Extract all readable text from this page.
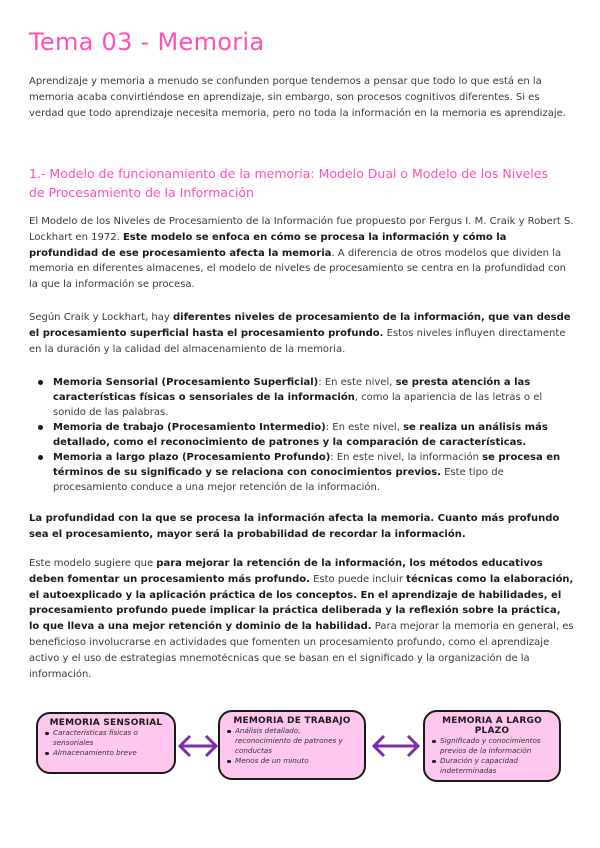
Tema 03 - Memoria

Aprendizaje y memoria a menudo se confunden porque tendemos a pensar que todo lo que está en la memoria acaba convirtiéndose en aprendizaje, sin embargo, son procesos cognitivos diferentes. Si es verdad que todo aprendizaje necesita memoria, pero no toda la información en la memoria es aprendizaje.

1.- Modelo de funcionamiento de la memoria: Modelo Dual o Modelo de los Niveles de Procesamiento de la Información

El Modelo de los Niveles de Procesamiento de la Información fue propuesto por Fergus I. M. Craik y Robert S. Lockhart en 1972. Este modelo se enfoca en cómo se procesa la información y cómo la profundidad de ese procesamiento afecta la memoria. A diferencia de otros modelos que dividen la memoria en diferentes almacenes, el modelo de niveles de procesamiento se centra en la profundidad con la que la información se procesa.

Según Craik y Lockhart, hay diferentes niveles de procesamiento de la información, que van desde el procesamiento superficial hasta el procesamiento profundo. Estos niveles influyen directamente en la duración y la calidad del almacenamiento de la memoria.

Memoria Sensorial (Procesamiento Superficial): En este nivel, se presta atención a las características físicas o sensoriales de la información, como la apariencia de las letras o el sonido de las palabras.
Memoria de trabajo (Procesamiento Intermedio): En este nivel, se realiza un análisis más detallado, como el reconocimiento de patrones y la comparación de características.
Memoria a largo plazo (Procesamiento Profundo): En este nivel, la información se procesa en términos de su significado y se relaciona con conocimientos previos. Este tipo de procesamiento conduce a una mejor retención de la información.

La profundidad con la que se procesa la información afecta la memoria. Cuanto más profundo sea el procesamiento, mayor será la probabilidad de recordar la información.

Este modelo sugiere que para mejorar la retención de la información, los métodos educativos deben fomentar un procesamiento más profundo. Esto puede incluir técnicas como la elaboración, el autoexplicado y la aplicación práctica de los conceptos. En el aprendizaje de habilidades, el procesamiento profundo puede implicar la práctica deliberada y la reflexión sobre la práctica, lo que lleva a una mejor retención y dominio de la habilidad. Para mejorar la memoria en general, es beneficioso involucrarse en actividades que fomenten un procesamiento profundo, como el aprendizaje activo y el uso de estrategias mnemotécnicas que se basan en el significado y la organización de la información.

MEMORIA SENSORIAL
Características físicas o sensoriales
Almacenamiento breve
MEMORIA DE TRABAJO
Análisis detallado, reconocimiento de patrones y conductas
Menos de un minuto
MEMORIA A LARGO PLAZO
Significado y conocimientos previos de la información
Duración y capacidad indeterminadas
